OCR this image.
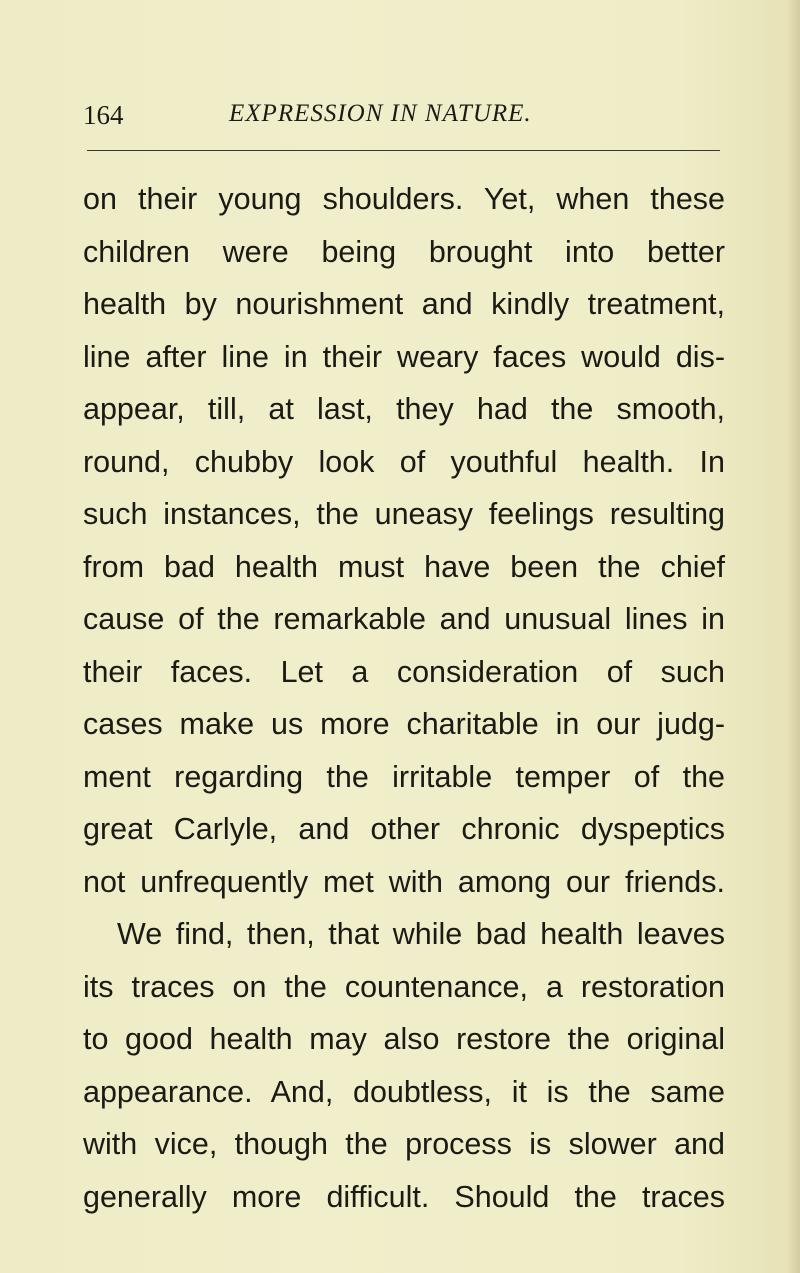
164	EXPRESSION IN NATURE.
on their young shoulders. Yet, when these
children were being brought into better
health by nourishment and kindly treatment,
line after line in their weary faces would dis-
appear, till, at last, they had the smooth,
round, chubby look of youthful health. In
such instances, the uneasy feelings resulting
from bad health must have been the chief
cause of the remarkable and unusual lines in
their faces. Let a consideration of such
cases make us more charitable in our judg-
ment regarding the irritable temper of the
great Carlyle, and other chronic dyspeptics
not unfrequently met with among our friends.
We find, then, that while bad health leaves
its traces on the countenance, a restoration
to good health may also restore the original
appearance. And, doubtless, it is the same
with vice, though the process is slower and
generally more difficult. Should the traces
